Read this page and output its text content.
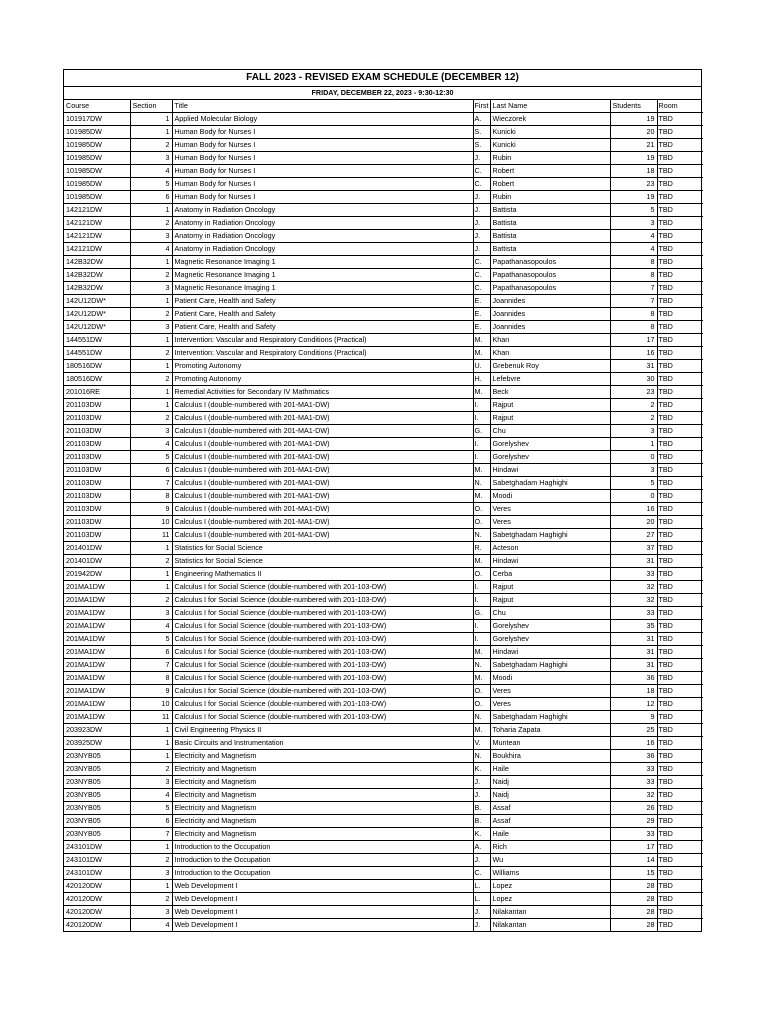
FALL 2023 - REVISED EXAM SCHEDULE (DECEMBER 12)
FRIDAY, DECEMBER 22, 2023 - 9:30-12:30
Course	Section	Title	First	Last Name	Students	Room
101917DW	1	Applied Molecular Biology	A.	Wieczorek	19	TBD
101985DW	1	Human Body for Nurses I	S.	Kunicki	20	TBD
101985DW	2	Human Body for Nurses I	S.	Kunicki	21	TBD
101985DW	3	Human Body for Nurses I	J.	Rubin	19	TBD
101985DW	4	Human Body for Nurses I	C.	Robert	18	TBD
101985DW	5	Human Body for Nurses I	C.	Robert	23	TBD
101985DW	6	Human Body for Nurses I	J.	Rubin	19	TBD
142121DW	1	Anatomy in Radiation Oncology	J.	Battista	5	TBD
142121DW	2	Anatomy in Radiation Oncology	J.	Battista	3	TBD
142121DW	3	Anatomy in Radiation Oncology	J.	Battista	4	TBD
142121DW	4	Anatomy in Radiation Oncology	J.	Battista	4	TBD
142B32DW	1	Magnetic Resonance Imaging 1	C.	Papathanasopoulos	8	TBD
142B32DW	2	Magnetic Resonance Imaging 1	C.	Papathanasopoulos	8	TBD
142B32DW	3	Magnetic Resonance Imaging 1	C.	Papathanasopoulos	7	TBD
142U12DW*	1	Patient Care, Health and Safety	E.	Joannides	7	TBD
142U12DW*	2	Patient Care, Health and Safety	E.	Joannides	8	TBD
142U12DW*	3	Patient Care, Health and Safety	E.	Joannides	8	TBD
144551DW	1	Intervention: Vascular and Respiratory Conditions (Practical)	M.	Khan	17	TBD
144551DW	2	Intervention: Vascular and Respiratory Conditions (Practical)	M.	Khan	16	TBD
180516DW	1	Promoting Autonomy	U.	Grebenuk Roy	31	TBD
180516DW	2	Promoting Autonomy	H.	Lefebvre	30	TBD
201016RE	1	Remedial Activities for Secondary IV Mathmatics	M.	Beck	23	TBD
201103DW	1	Calculus I (double-numbered with 201-MA1-DW)	I.	Rajput	2	TBD
201103DW	2	Calculus I (double-numbered with 201-MA1-DW)	I.	Rajput	2	TBD
201103DW	3	Calculus I (double-numbered with 201-MA1-DW)	G.	Chu	3	TBD
201103DW	4	Calculus I (double-numbered with 201-MA1-DW)	I.	Gorelyshev	1	TBD
201103DW	5	Calculus I (double-numbered with 201-MA1-DW)	I.	Gorelyshev	0	TBD
201103DW	6	Calculus I (double-numbered with 201-MA1-DW)	M.	Hindawi	3	TBD
201103DW	7	Calculus I (double-numbered with 201-MA1-DW)	N.	Sabetghadam Haghighi	5	TBD
201103DW	8	Calculus I (double-numbered with 201-MA1-DW)	M.	Moodi	0	TBD
201103DW	9	Calculus I (double-numbered with 201-MA1-DW)	O.	Veres	16	TBD
201103DW	10	Calculus I (double-numbered with 201-MA1-DW)	O.	Veres	20	TBD
201103DW	11	Calculus I (double-numbered with 201-MA1-DW)	N.	Sabetghadam Haghighi	27	TBD
201401DW	1	Statistics for Social Science	R.	Acteson	37	TBD
201401DW	2	Statistics for Social Science	M.	Hindawi	31	TBD
201942DW	1	Engineering Mathematics II	O.	Cerba	33	TBD
201MA1DW	1	Calculus I for Social Science (double-numbered with 201-103-DW)	I.	Rajput	32	TBD
201MA1DW	2	Calculus I for Social Science (double-numbered with 201-103-DW)	I.	Rajput	32	TBD
201MA1DW	3	Calculus I for Social Science (double-numbered with 201-103-DW)	G.	Chu	33	TBD
201MA1DW	4	Calculus I for Social Science (double-numbered with 201-103-DW)	I.	Gorelyshev	35	TBD
201MA1DW	5	Calculus I for Social Science (double-numbered with 201-103-DW)	I.	Gorelyshev	31	TBD
201MA1DW	6	Calculus I for Social Science (double-numbered with 201-103-DW)	M.	Hindawi	31	TBD
201MA1DW	7	Calculus I for Social Science (double-numbered with 201-103-DW)	N.	Sabetghadam Haghighi	31	TBD
201MA1DW	8	Calculus I for Social Science (double-numbered with 201-103-DW)	M.	Moodi	36	TBD
201MA1DW	9	Calculus I for Social Science (double-numbered with 201-103-DW)	O.	Veres	18	TBD
201MA1DW	10	Calculus I for Social Science (double-numbered with 201-103-DW)	O.	Veres	12	TBD
201MA1DW	11	Calculus I for Social Science (double-numbered with 201-103-DW)	N.	Sabetghadam Haghighi	9	TBD
203923DW	1	Civil Engineering Physics II	M.	Toharia Zapata	25	TBD
203925DW	1	Basic Circuits and Instrumentation	V.	Muntean	16	TBD
203NYB05	1	Electricity and Magnetism	N.	Boukhira	36	TBD
203NYB05	2	Electricity and Magnetism	K.	Haile	33	TBD
203NYB05	3	Electricity and Magnetism	J.	Naidj	33	TBD
203NYB05	4	Electricity and Magnetism	J.	Naidj	32	TBD
203NYB05	5	Electricity and Magnetism	B.	Assaf	26	TBD
203NYB05	6	Electricity and Magnetism	B.	Assaf	29	TBD
203NYB05	7	Electricity and Magnetism	K.	Haile	33	TBD
243101DW	1	Introduction to the Occupation	A.	Rich	17	TBD
243101DW	2	Introduction to the Occupation	J.	Wu	14	TBD
243101DW	3	Introduction to the Occupation	C.	Williams	15	TBD
420120DW	1	Web Development I	L.	Lopez	28	TBD
420120DW	2	Web Development I	L.	Lopez	28	TBD
420120DW	3	Web Development I	J.	Nilakantan	28	TBD
420120DW	4	Web Development I	J.	Nilakantan	28	TBD
